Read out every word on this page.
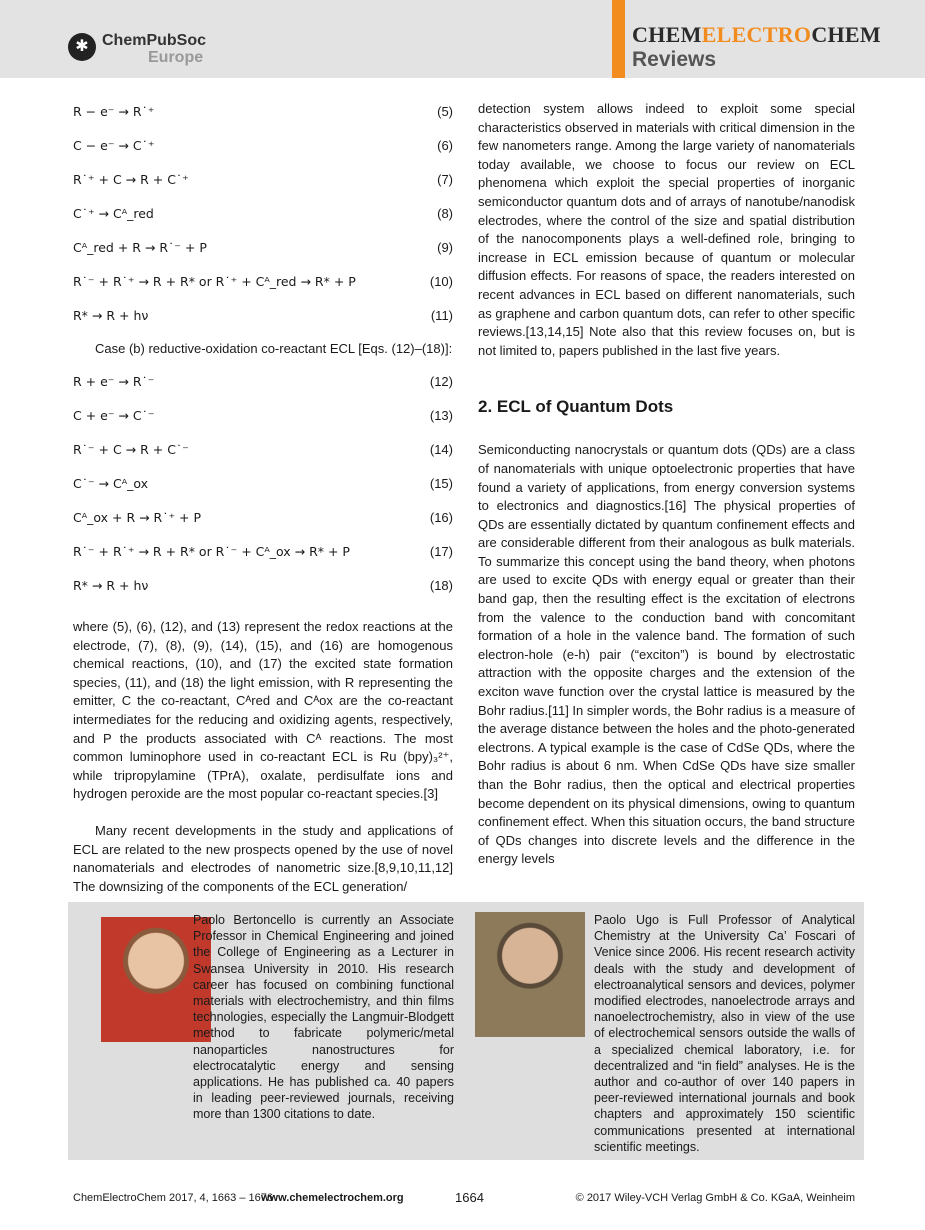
✱ ChemPubSoc
Europe
CHEMELECTROCHEM
Reviews
R − e⁻ → R˙⁺	(5)
C − e⁻ → C˙⁺	(6)
R˙⁺ + C → R + C˙⁺	(7)
C˙⁺ → Cᴬ_red	(8)
Cᴬ_red + R → R˙⁻ + P	(9)
R˙⁻ + R˙⁺ → R + R* or R˙⁺ + Cᴬ_red → R* + P	(10)
R* → R + hν	(11)
Case (b) reductive-oxidation co-reactant ECL [Eqs. (12)–(18)]:
R + e⁻ → R˙⁻	(12)
C + e⁻ → C˙⁻	(13)
R˙⁻ + C → R + C˙⁻	(14)
C˙⁻ → Cᴬ_ox	(15)
Cᴬ_ox + R → R˙⁺ + P	(16)
R˙⁻ + R˙⁺ → R + R* or R˙⁻ + Cᴬ_ox → R* + P	(17)
R* → R + hν	(18)

where (5), (6), (12), and (13) represent the redox reactions at the electrode, (7), (8), (9), (14), (15), and (16) are homogenous chemical reactions, (10), and (17) the excited state formation species, (11), and (18) the light emission, with R representing the emitter, C the co-reactant, Cᴬred and Cᴬox are the co-reactant intermediates for the reducing and oxidizing agents, respectively, and P the products associated with Cᴬ reactions. The most common luminophore used in co-reactant ECL is Ru (bpy)₃²⁺, while tripropylamine (TPrA), oxalate, perdisulfate ions and hydrogen peroxide are the most popular co-reactant species.[3]

Many recent developments in the study and applications of ECL are related to the new prospects opened by the use of novel nanomaterials and electrodes of nanometric size.[8,9,10,11,12] The downsizing of the components of the ECL generation/

detection system allows indeed to exploit some special characteristics observed in materials with critical dimension in the few nanometers range. Among the large variety of nanomaterials today available, we choose to focus our review on ECL phenomena which exploit the special properties of inorganic semiconductor quantum dots and of arrays of nanotube/nanodisk electrodes, where the control of the size and spatial distribution of the nanocomponents plays a well-defined role, bringing to increase in ECL emission because of quantum or molecular diffusion effects. For reasons of space, the readers interested on recent advances in ECL based on different nanomaterials, such as graphene and carbon quantum dots, can refer to other specific reviews.[13,14,15] Note also that this review focuses on, but is not limited to, papers published in the last five years.

2. ECL of Quantum Dots

Semiconducting nanocrystals or quantum dots (QDs) are a class of nanomaterials with unique optoelectronic properties that have found a variety of applications, from energy conversion systems to electronics and diagnostics.[16] The physical properties of QDs are essentially dictated by quantum confinement effects and are considerable different from their analogous as bulk materials. To summarize this concept using the band theory, when photons are used to excite QDs with energy equal or greater than their band gap, then the resulting effect is the excitation of electrons from the valence to the conduction band with concomitant formation of a hole in the valence band. The formation of such electron-hole (e-h) pair (“exciton”) is bound by electrostatic attraction with the opposite charges and the extension of the exciton wave function over the crystal lattice is measured by the Bohr radius.[11] In simpler words, the Bohr radius is a measure of the average distance between the holes and the photo-generated electrons. A typical example is the case of CdSe QDs, where the Bohr radius is about 6 nm. When CdSe QDs have size smaller than the Bohr radius, then the optical and electrical properties become dependent on its physical dimensions, owing to quantum confinement effect. When this situation occurs, the band structure of QDs changes into discrete levels and the difference in the energy levels

Paolo Bertoncello is currently an Associate Professor in Chemical Engineering and joined the College of Engineering as a Lecturer in Swansea University in 2010. His research career has focused on combining functional materials with electrochemistry, and thin films technologies, especially the Langmuir-Blodgett method to fabricate polymeric/metal nanoparticles nanostructures for electrocatalytic energy and sensing applications. He has published ca. 40 papers in leading peer-reviewed journals, receiving more than 1300 citations to date.

Paolo Ugo is Full Professor of Analytical Chemistry at the University Ca’ Foscari of Venice since 2006. His recent research activity deals with the study and development of electroanalytical sensors and devices, polymer modified electrodes, nanoelectrode arrays and nanoelectrochemistry, also in view of the use of electrochemical sensors outside the walls of a specialized chemical laboratory, i.e. for decentralized and “in field” analyses. He is the author and co-author of over 140 papers in peer-reviewed international journals and book chapters and approximately 150 scientific communications presented at international scientific meetings.

ChemElectroChem 2017, 4, 1663 – 1676
www.chemelectrochem.org	1664	© 2017 Wiley-VCH Verlag GmbH & Co. KGaA, Weinheim
